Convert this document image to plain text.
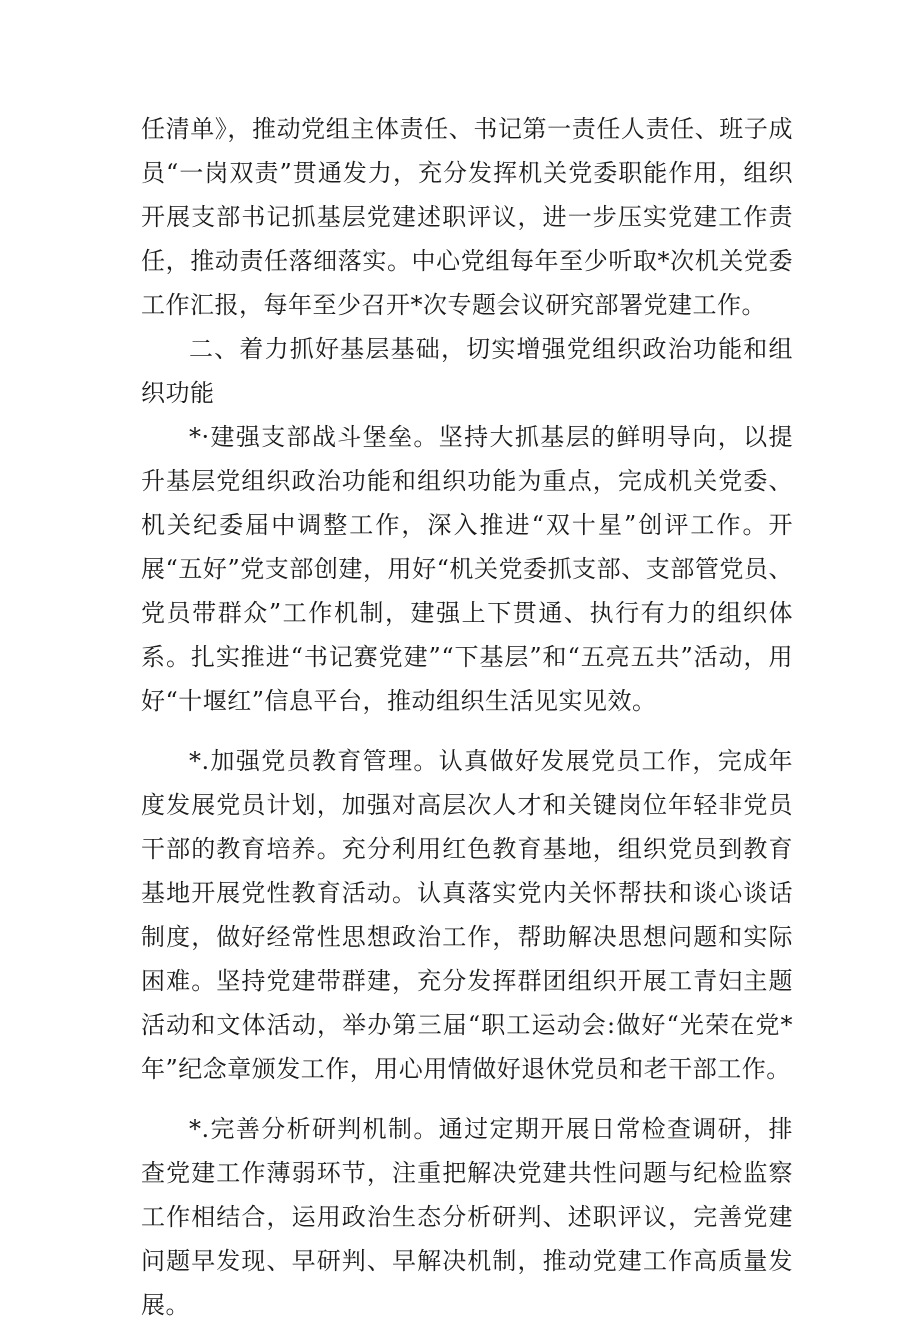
任清单》，推动党组主体责任、书记第一责任人责任、班子成员“一岗双责”贯通发力，充分发挥机关党委职能作用，组织开展支部书记抓基层党建述职评议，进一步压实党建工作责任，推动责任落细落实。中心党组每年至少听取*次机关党委工作汇报，每年至少召开*次专题会议研究部署党建工作。

二、着力抓好基层基础，切实增强党组织政治功能和组织功能

*·建强支部战斗堡垒。坚持大抓基层的鲜明导向，以提升基层党组织政治功能和组织功能为重点，完成机关党委、机关纪委届中调整工作，深入推进“双十星”创评工作。开展“五好”党支部创建，用好“机关党委抓支部、支部管党员、党员带群众”工作机制，建强上下贯通、执行有力的组织体系。扎实推进“书记赛党建”“下基层”和“五亮五共”活动，用好“十堰红”信息平台，推动组织生活见实见效。

*.加强党员教育管理。认真做好发展党员工作，完成年度发展党员计划，加强对高层次人才和关键岗位年轻非党员干部的教育培养。充分利用红色教育基地，组织党员到教育基地开展党性教育活动。认真落实党内关怀帮扶和谈心谈话制度，做好经常性思想政治工作，帮助解决思想问题和实际困难。坚持党建带群建，充分发挥群团组织开展工青妇主题活动和文体活动，举办第三届“职工运动会:做好“光荣在党*年”纪念章颁发工作，用心用情做好退休党员和老干部工作。

*.完善分析研判机制。通过定期开展日常检查调研，排查党建工作薄弱环节，注重把解决党建共性问题与纪检监察工作相结合，运用政治生态分析研判、述职评议，完善党建问题早发现、早研判、早解决机制，推动党建工作高质量发展。
